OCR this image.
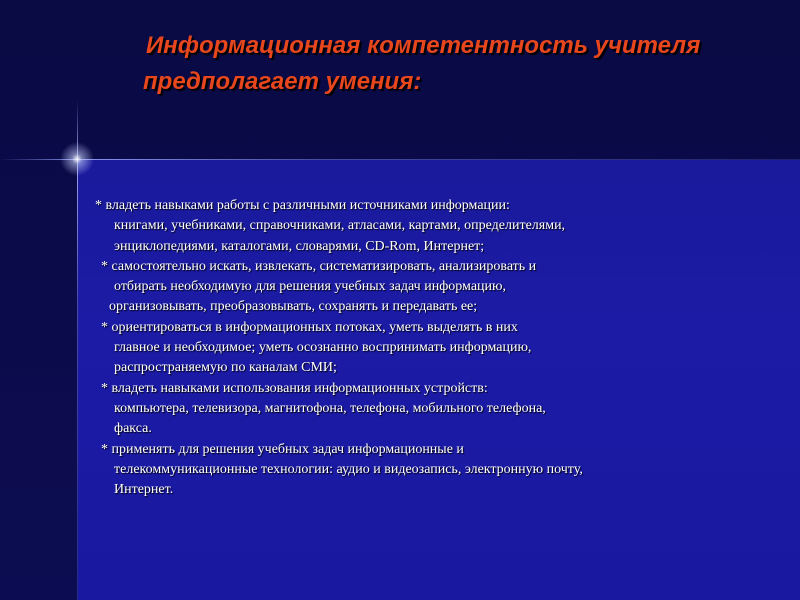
Информационная компетентность учителя
предполагает умения:
* владеть навыками работы с различными источниками информации:
книгами, учебниками, справочниками, атласами, картами, определителями,
энциклопедиями, каталогами, словарями, CD-Rom, Интернет;
* самостоятельно искать, извлекать, систематизировать, анализировать и
отбирать необходимую для решения учебных задач информацию,
организовывать, преобразовывать, сохранять и передавать ее;
* ориентироваться в информационных потоках, уметь выделять в них
главное и необходимое; уметь осознанно воспринимать информацию,
распространяемую по каналам СМИ;
* владеть навыками использования информационных устройств:
компьютера, телевизора, магнитофона, телефона, мобильного телефона,
факса.
* применять для решения учебных задач информационные и
телекоммуникационные технологии: аудио и видеозапись, электронную почту,
Интернет.
